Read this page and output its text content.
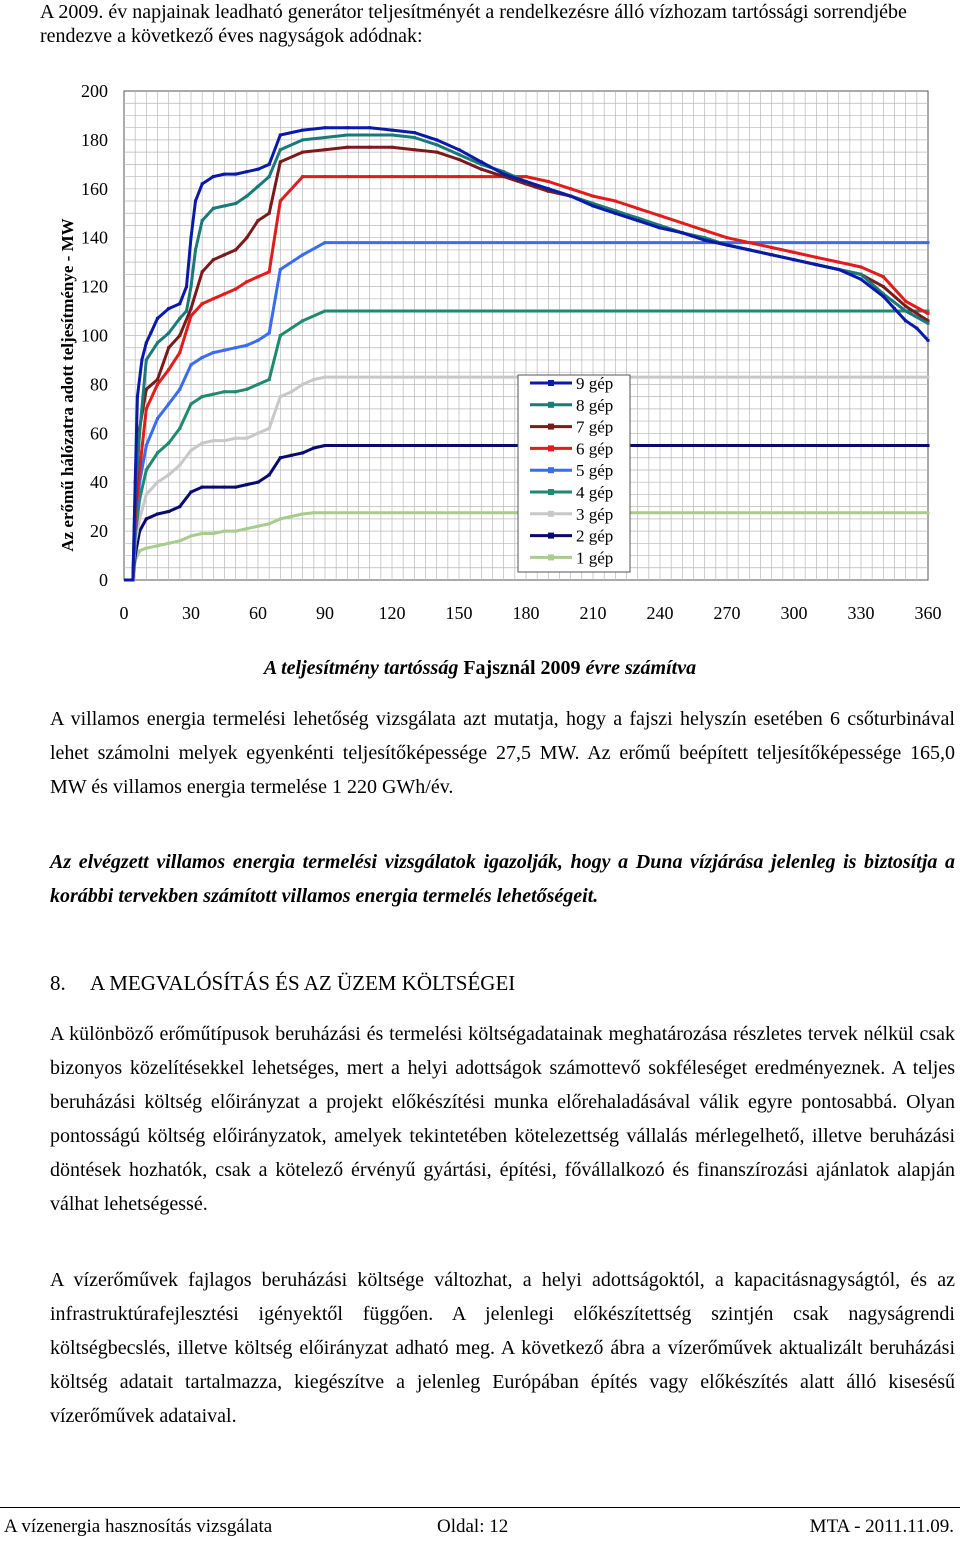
A 2009. év napjainak leadható generátor teljesítményét a rendelkezésre álló vízhozam tartóssági sorrendjébe rendezve a következő éves nagyságok adódnak:
0
20
40
60
80
100
120
140
160
180
200
0	30	60	90 120 150 180 210 240 270 300 330 360
Az erőmű hálózatra adott teljesítménye - MW	9 gép
8 gép
7 gép
6 gép
5 gép
4 gép
3 gép
2 gép
1 gép
A teljesítmény tartósság Fajsznál 2009 évre számítva
A villamos energia termelési lehetőség vizsgálata azt mutatja, hogy a fajszi helyszín esetében 6 csőturbinával lehet számolni melyek egyenkénti teljesítőképessége 27,5 MW. Az erőmű beépített teljesítőképessége 165,0 MW és villamos energia termelése 1 220 GWh/év.
Az elvégzett villamos energia termelési vizsgálatok igazolják, hogy a Duna vízjárása jelenleg is biztosítja a korábbi tervekben számított villamos energia termelés lehetőségeit.
8. A MEGVALÓSÍTÁS ÉS AZ ÜZEM KÖLTSÉGEI
A különböző erőműtípusok beruházási és termelési költségadatainak meghatározása részletes tervek nélkül csak bizonyos közelítésekkel lehetséges, mert a helyi adottságok számottevő sokféleséget eredményeznek. A teljes beruházási költség előirányzat a projekt előkészítési munka előrehaladásával válik egyre pontosabbá. Olyan pontosságú költség előirányzatok, amelyek tekintetében kötelezettség vállalás mérlegelhető, illetve beruházási döntések hozhatók, csak a kötelező érvényű gyártási, építési, fővállalkozó és finanszírozási ajánlatok alapján válhat lehetségessé.
A vízerőművek fajlagos beruházási költsége változhat, a helyi adottságoktól, a kapacitásnagyságtól, és az infrastruktúrafejlesztési igényektől függően. A jelenlegi előkészítettség szintjén csak nagyságrendi költségbecslés, illetve költség előirányzat adható meg. A következő ábra a vízerőművek aktualizált beruházási költség adatait tartalmazza, kiegészítve a jelenleg Európában építés vagy előkészítés alatt álló kisesésű vízerőművek adataival.
A vízenergia hasznosítás vizsgálata	Oldal: 12	MTA - 2011.11.09.
